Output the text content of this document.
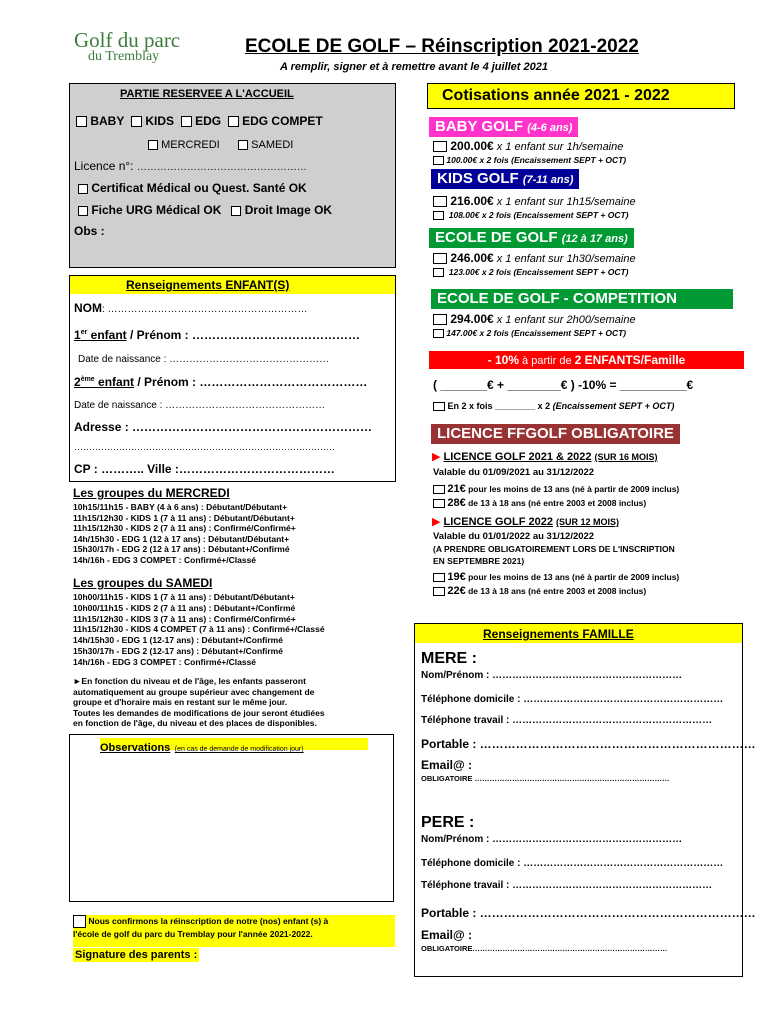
Golf du parc
du Tremblay	ECOLE DE GOLF – Réinscription 2021-2022
A remplir, signer et à remettre avant le 4 juillet 2021
PARTIE RESERVEE A L'ACCUEIL
BABY KIDS EDG EDG COMPET
MERCREDI	SAMEDI
Licence n°: ……………………………………………
Certificat Médical ou Quest. Santé OK
Fiche URG Médical OK Droit Image OK
Obs :
Renseignements ENFANT(S)
NOM: ……………………………………………………
1er enfant / Prénom : ……………………………………
Date de naissance : …………………………………………
2ème enfant / Prénom : ……………………………………
Date de naissance : …………………………………………
Adresse : ……………………………………………………
……………………………………………………………………………
CP : ……….. Ville :…………………………………
Les groupes du MERCREDI
10h15/11h15 - BABY (4 à 6 ans) : Débutant/Débutant+
11h15/12h30 - KIDS 1 (7 à 11 ans) : Débutant/Débutant+
11h15/12h30 - KIDS 2 (7 à 11 ans) : Confirmé/Confirmé+
14h/15h30 - EDG 1 (12 à 17 ans) : Débutant/Débutant+
15h30/17h - EDG 2 (12 à 17 ans) : Débutant+/Confirmé
14h/16h - EDG 3 COMPET : Confirmé+/Classé
Les groupes du SAMEDI
10h00/11h15 - KIDS 1 (7 à 11 ans) : Débutant/Débutant+
10h00/11h15 - KIDS 2 (7 à 11 ans) : Débutant+/Confirmé
11h15/12h30 - KIDS 3 (7 à 11 ans) : Confirmé/Confirmé+
11h15/12h30 - KIDS 4 COMPET (7 à 11 ans) : Confirmé+/Classé
14h/15h30 - EDG 1 (12-17 ans) : Débutant+/Confirmé
15h30/17h - EDG 2 (12-17 ans) : Débutant+/Confirmé
14h/16h - EDG 3 COMPET : Confirmé+/Classé
►En fonction du niveau et de l'âge, les enfants passeront
automatiquement au groupe supérieur avec changement de
groupe et d'horaire mais en restant sur le même jour.
Toutes les demandes de modifications de jour seront étudiées
en fonction de l'âge, du niveau et des places de disponibles.
Observations (en cas de demande de modification jour)
Nous confirmons la réinscription de notre (nos) enfant (s) à
l'école de golf du parc du Tremblay pour l'année 2021-2022.
Signature des parents :
Cotisations année 2021 - 2022
BABY GOLF (4-6 ans)
200.00€ x 1 enfant sur 1h/semaine
100.00€ x 2 fois (Encaissement SEPT + OCT)
KIDS GOLF (7-11 ans)
216.00€ x 1 enfant sur 1h15/semaine
108.00€ x 2 fois (Encaissement SEPT + OCT)
ECOLE DE GOLF (12 à 17 ans)
246.00€ x 1 enfant sur 1h30/semaine
123.00€ x 2 fois (Encaissement SEPT + OCT)
ECOLE DE GOLF - COMPETITION
294.00€ x 1 enfant sur 2h00/semaine
147.00€ x 2 fois (Encaissement SEPT + OCT)
- 10% à partir de 2 ENFANTS/Famille
( _______€ + ________€ ) -10% = __________€
En 2 x fois ________ x 2 (Encaissement SEPT + OCT)
LICENCE FFGOLF OBLIGATOIRE
▶ LICENCE GOLF 2021 & 2022 (SUR 16 MOIS)
Valable du 01/09/2021 au 31/12/2022
21€ pour les moins de 13 ans (né à partir de 2009 inclus)
28€ de 13 à 18 ans (né entre 2003 et 2008 inclus)
▶ LICENCE GOLF 2022 (SUR 12 MOIS)
Valable du 01/01/2022 au 31/12/2022
(A PRENDRE OBLIGATOIREMENT LORS DE L'INSCRIPTION
EN SEPTEMBRE 2021)
19€ pour les moins de 13 ans (né à partir de 2009 inclus)
22€ de 13 à 18 ans (né entre 2003 et 2008 inclus)
Renseignements FAMILLE
MERE :
Nom/Prénom : …………………………………………………
Téléphone domicile : ……………………………………………………
Téléphone travail : ……………………………………………………
Portable : ……………………………………………………………
Email@ :
OBLIGATOIRE ……………………………………………………………………
PERE :
Nom/Prénom : …………………………………………………
Téléphone domicile : ……………………………………………………
Téléphone travail : ……………………………………………………
Portable : ……………………………………………………………
Email@ :
OBLIGATOIRE……………………………………………………………………
